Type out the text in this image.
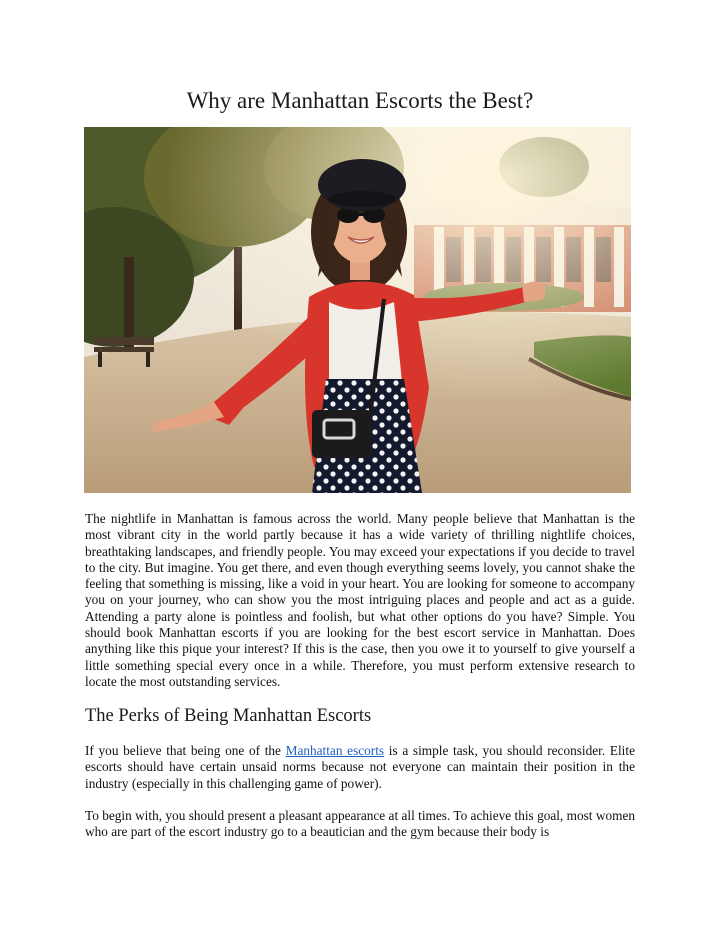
Why are Manhattan Escorts the Best?

The nightlife in Manhattan is famous across the world. Many people believe that Manhattan is the most vibrant city in the world partly because it has a wide variety of thrilling nightlife choices, breathtaking landscapes, and friendly people. You may exceed your expectations if you decide to travel to the city. But imagine. You get there, and even though everything seems lovely, you cannot shake the feeling that something is missing, like a void in your heart. You are looking for someone to accompany you on your journey, who can show you the most intriguing places and people and act as a guide. Attending a party alone is pointless and foolish, but what other options do you have? Simple. You should book Manhattan escorts if you are looking for the best escort service in Manhattan. Does anything like this pique your interest? If this is the case, then you owe it to yourself to give yourself a little something special every once in a while. Therefore, you must perform extensive research to locate the most outstanding services.

The Perks of Being Manhattan Escorts

If you believe that being one of the Manhattan escorts is a simple task, you should reconsider. Elite escorts should have certain unsaid norms because not everyone can maintain their position in the industry (especially in this challenging game of power).

To begin with, you should present a pleasant appearance at all times. To achieve this goal, most women who are part of the escort industry go to a beautician and the gym because their body is
